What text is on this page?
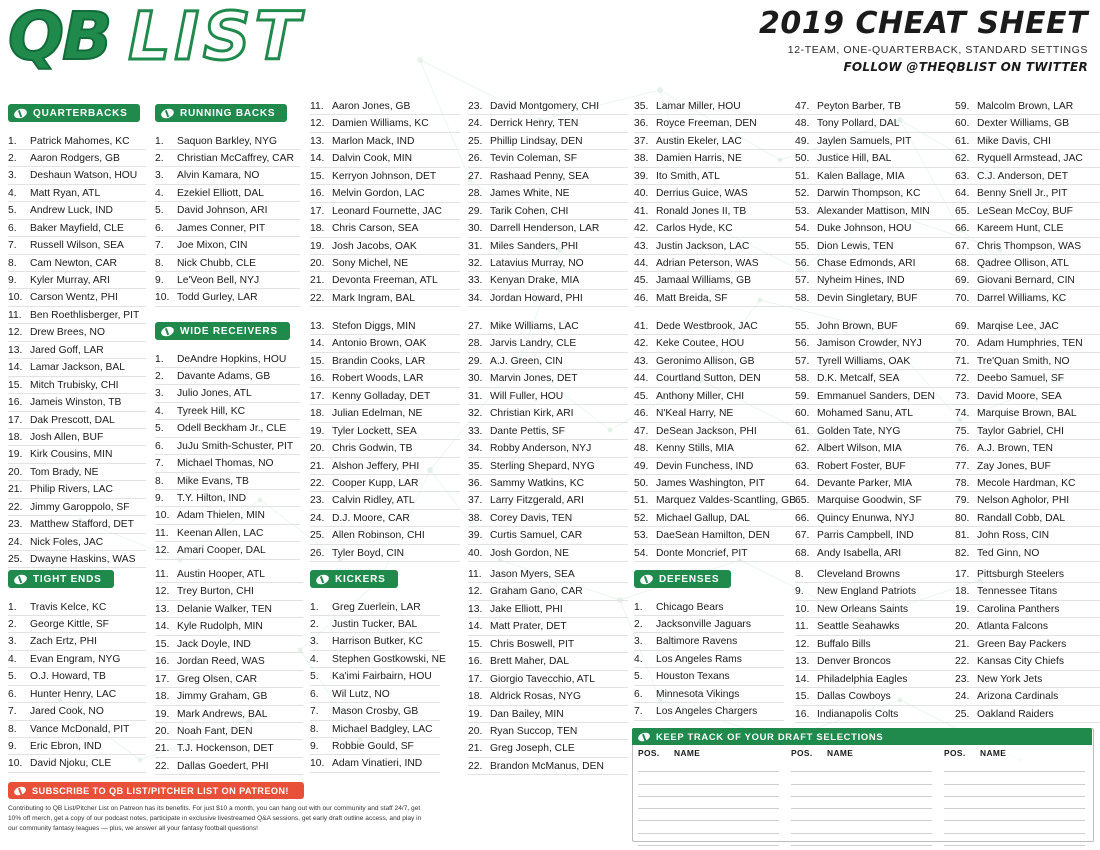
QB LIST	2019 CHEAT SHEET
12-TEAM, ONE-QUARTERBACK, STANDARD SETTINGS
FOLLOW @THEQBLIST ON TWITTER
QUARTERBACKS
1.	Patrick Mahomes, KC
2.	Aaron Rodgers, GB
3.	Deshaun Watson, HOU
4.	Matt Ryan, ATL
5.	Andrew Luck, IND
6.	Baker Mayfield, CLE
7.	Russell Wilson, SEA
8.	Cam Newton, CAR
9.	Kyler Murray, ARI
10. Carson Wentz, PHI
11. Ben Roethlisberger, PIT
12. Drew Brees, NO
13. Jared Goff, LAR
14. Lamar Jackson, BAL
15. Mitch Trubisky, CHI
16. Jameis Winston, TB
17. Dak Prescott, DAL
18. Josh Allen, BUF
19. Kirk Cousins, MIN
20. Tom Brady, NE
21. Philip Rivers, LAC
22. Jimmy Garoppolo, SF
23. Matthew Stafford, DET
24. Nick Foles, JAC
25. Dwayne Haskins, WAS
RUNNING BACKS
1.	Saquon Barkley, NYG
2.	Christian McCaffrey, CAR
3.	Alvin Kamara, NO
4.	Ezekiel Elliott, DAL
5.	David Johnson, ARI
6.	James Conner, PIT
7.	Joe Mixon, CIN
8.	Nick Chubb, CLE
9.	Le'Veon Bell, NYJ
10. Todd Gurley, LAR
11. Aaron Jones, GB
12. Damien Williams, KC
13. Marlon Mack, IND
14. Dalvin Cook, MIN
15. Kerryon Johnson, DET
16. Melvin Gordon, LAC
17. Leonard Fournette, JAC
18. Chris Carson, SEA
19. Josh Jacobs, OAK
20. Sony Michel, NE
21. Devonta Freeman, ATL
22. Mark Ingram, BAL
23. David Montgomery, CHI
24. Derrick Henry, TEN
25. Phillip Lindsay, DEN
26. Tevin Coleman, SF
27. Rashaad Penny, SEA
28. James White, NE
29. Tarik Cohen, CHI
30. Darrell Henderson, LAR
31. Miles Sanders, PHI
32. Latavius Murray, NO
33. Kenyan Drake, MIA
34. Jordan Howard, PHI
35. Lamar Miller, HOU
36. Royce Freeman, DEN
37. Austin Ekeler, LAC
38. Damien Harris, NE
39. Ito Smith, ATL
40. Derrius Guice, WAS
41. Ronald Jones II, TB
42. Carlos Hyde, KC
43. Justin Jackson, LAC
44. Adrian Peterson, WAS
45. Jamaal Williams, GB
46. Matt Breida, SF
47. Peyton Barber, TB
48. Tony Pollard, DAL
49. Jaylen Samuels, PIT
50. Justice Hill, BAL
51. Kalen Ballage, MIA
52. Darwin Thompson, KC
53. Alexander Mattison, MIN
54. Duke Johnson, HOU
55. Dion Lewis, TEN
56. Chase Edmonds, ARI
57. Nyheim Hines, IND
58. Devin Singletary, BUF
59. Malcolm Brown, LAR
60. Dexter Williams, GB
61. Mike Davis, CHI
62. Ryquell Armstead, JAC
63. C.J. Anderson, DET
64. Benny Snell Jr., PIT
65. LeSean McCoy, BUF
66. Kareem Hunt, CLE
67. Chris Thompson, WAS
68. Qadree Ollison, ATL
69. Giovani Bernard, CIN
70. Darrel Williams, KC
WIDE RECEIVERS
1.	DeAndre Hopkins, HOU
2.	Davante Adams, GB
3.	Julio Jones, ATL
4.	Tyreek Hill, KC
5.	Odell Beckham Jr., CLE
6.	JuJu Smith-Schuster, PIT
7.	Michael Thomas, NO
8.	Mike Evans, TB
9.	T.Y. Hilton, IND
10. Adam Thielen, MIN
11. Keenan Allen, LAC
12. Amari Cooper, DAL
13. Stefon Diggs, MIN
14. Antonio Brown, OAK
15. Brandin Cooks, LAR
16. Robert Woods, LAR
17. Kenny Golladay, DET
18. Julian Edelman, NE
19. Tyler Lockett, SEA
20. Chris Godwin, TB
21. Alshon Jeffery, PHI
22. Cooper Kupp, LAR
23. Calvin Ridley, ATL
24. D.J. Moore, CAR
25. Allen Robinson, CHI
26. Tyler Boyd, CIN
27. Mike Williams, LAC
28. Jarvis Landry, CLE
29. A.J. Green, CIN
30. Marvin Jones, DET
31. Will Fuller, HOU
32. Christian Kirk, ARI
33. Dante Pettis, SF
34. Robby Anderson, NYJ
35. Sterling Shepard, NYG
36. Sammy Watkins, KC
37. Larry Fitzgerald, ARI
38. Corey Davis, TEN
39. Curtis Samuel, CAR
40. Josh Gordon, NE
41. Dede Westbrook, JAC
42. Keke Coutee, HOU
43. Geronimo Allison, GB
44. Courtland Sutton, DEN
45. Anthony Miller, CHI
46. N'Keal Harry, NE
47. DeSean Jackson, PHI
48. Kenny Stills, MIA
49. Devin Funchess, IND
50. James Washington, PIT
51. Marquez Valdes-Scantling, GB
52. Michael Gallup, DAL
53. DaeSean Hamilton, DEN
54. Donte Moncrief, PIT
55. John Brown, BUF
56. Jamison Crowder, NYJ
57. Tyrell Williams, OAK
58. D.K. Metcalf, SEA
59. Emmanuel Sanders, DEN
60. Mohamed Sanu, ATL
61. Golden Tate, NYG
62. Albert Wilson, MIA
63. Robert Foster, BUF
64. Devante Parker, MIA
65. Marquise Goodwin, SF
66. Quincy Enunwa, NYJ
67. Parris Campbell, IND
68. Andy Isabella, ARI
69. Marqise Lee, JAC
70. Adam Humphries, TEN
71. Tre'Quan Smith, NO
72. Deebo Samuel, SF
73. David Moore, SEA
74. Marquise Brown, BAL
75. Taylor Gabriel, CHI
76. A.J. Brown, TEN
77. Zay Jones, BUF
78. Mecole Hardman, KC
79. Nelson Agholor, PHI
80. Randall Cobb, DAL
81. John Ross, CIN
82. Ted Ginn, NO
TIGHT ENDS
1.	Travis Kelce, KC
2.	George Kittle, SF
3.	Zach Ertz, PHI
4.	Evan Engram, NYG
5.	O.J. Howard, TB
6.	Hunter Henry, LAC
7.	Jared Cook, NO
8.	Vance McDonald, PIT
9.	Eric Ebron, IND
10. David Njoku, CLE
11. Austin Hooper, ATL
12. Trey Burton, CHI
13. Delanie Walker, TEN
14. Kyle Rudolph, MIN
15. Jack Doyle, IND
16. Jordan Reed, WAS
17. Greg Olsen, CAR
18. Jimmy Graham, GB
19. Mark Andrews, BAL
20. Noah Fant, DEN
21. T.J. Hockenson, DET
22. Dallas Goedert, PHI
KICKERS
1.	Greg Zuerlein, LAR
2.	Justin Tucker, BAL
3.	Harrison Butker, KC
4.	Stephen Gostkowski, NE
5.	Ka'imi Fairbairn, HOU
6.	Wil Lutz, NO
7.	Mason Crosby, GB
8.	Michael Badgley, LAC
9.	Robbie Gould, SF
10. Adam Vinatieri, IND
11. Jason Myers, SEA
12. Graham Gano, CAR
13. Jake Elliott, PHI
14. Matt Prater, DET
15. Chris Boswell, PIT
16. Brett Maher, DAL
17. Giorgio Tavecchio, ATL
18. Aldrick Rosas, NYG
19. Dan Bailey, MIN
20. Ryan Succop, TEN
21. Greg Joseph, CLE
22. Brandon McManus, DEN
DEFENSES
1.	Chicago Bears
2.	Jacksonville Jaguars
3.	Baltimore Ravens
4.	Los Angeles Rams
5.	Houston Texans
6.	Minnesota Vikings
7.	Los Angeles Chargers
8.	Cleveland Browns
9.	New England Patriots
10. New Orleans Saints
11. Seattle Seahawks
12. Buffalo Bills
13. Denver Broncos
14. Philadelphia Eagles
15. Dallas Cowboys
16. Indianapolis Colts
17. Pittsburgh Steelers
18. Tennessee Titans
19. Carolina Panthers
20. Atlanta Falcons
21. Green Bay Packers
22. Kansas City Chiefs
23. New York Jets
24. Arizona Cardinals
25. Oakland Raiders
SUBSCRIBE TO QB LIST/PITCHER LIST ON PATREON!
Contributing to QB List/Pitcher List on Patreon has its benefits. For just $10 a month, you can hang out with our community and staff 24/7, get 10% off merch, get a copy of our podcast notes, participate in exclusive livestreamed Q&A sessions, get early draft outline access, and play in our community fantasy leagues — plus, we answer all your fantasy football questions!
KEEP TRACK OF YOUR DRAFT SELECTIONS
POS.	NAME	POS.	NAME	POS.	NAME
